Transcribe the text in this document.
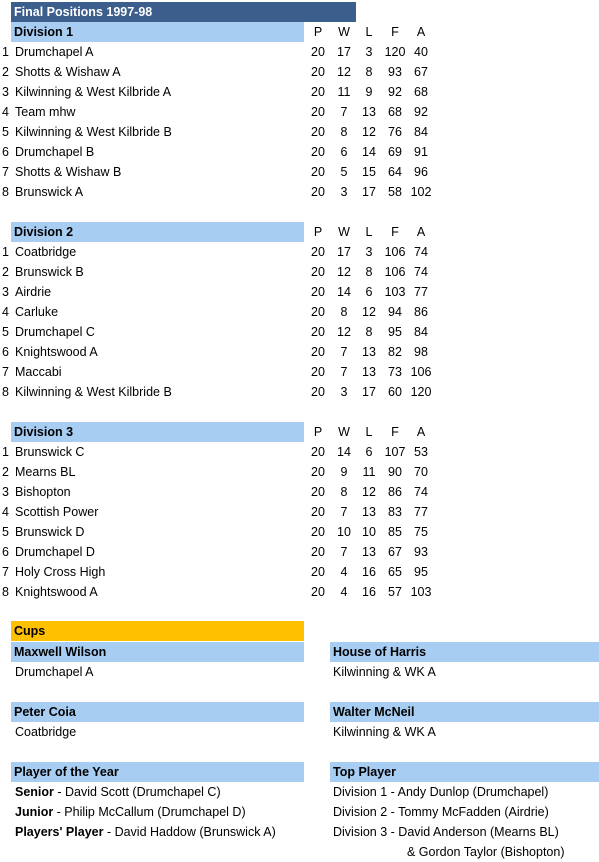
Final Positions 1997-98
Division 1	P W L F A
1 Drumchapel A	20 17 3 120 40
2 Shotts & Wishaw A	20 12 8 93 67
3 Kilwinning & West Kilbride A	20 11 9 92 68
4 Team mhw	20 7 13 68 92
5 Kilwinning & West Kilbride B	20 8 12 76 84
6 Drumchapel B	20 6 14 69 91
7 Shotts & Wishaw B	20 5 15 64 96
8 Brunswick A	20 3 17 58 102
Division 2	P W L F A
1 Coatbridge	20 17 3 106 74
2 Brunswick B	20 12 8 106 74
3 Airdrie	20 14 6 103 77
4 Carluke	20 8 12 94 86
5 Drumchapel C	20 12 8 95 84
6 Knightswood A	20 7 13 82 98
7 Maccabi	20 7 13 73 106
8 Kilwinning & West Kilbride B	20 3 17 60 120
Division 3	P W L F A
1 Brunswick C	20 14 6 107 53
2 Mearns BL	20 9 11 90 70
3 Bishopton	20 8 12 86 74
4 Scottish Power	20 7 13 83 77
5 Brunswick D	20 10 10 85 75
6 Drumchapel D	20 7 13 67 93
7 Holy Cross High	20 4 16 65 95
8 Knightswood A	20 4 16 57 103
Cups
Maxwell Wilson	House of Harris
Drumchapel A	Kilwinning & WK A
Peter Coia	Walter McNeil
Coatbridge	Kilwinning & WK A
Player of the Year
Senior - David Scott (Drumchapel C)
Junior - Philip McCallum (Drumchapel D)
Players' Player - David Haddow (Brunswick A)
Top Player
Division 1 - Andy Dunlop (Drumchapel)
Division 2 - Tommy McFadden (Airdrie)
Division 3 - David Anderson (Mearns BL)
& Gordon Taylor (Bishopton)
